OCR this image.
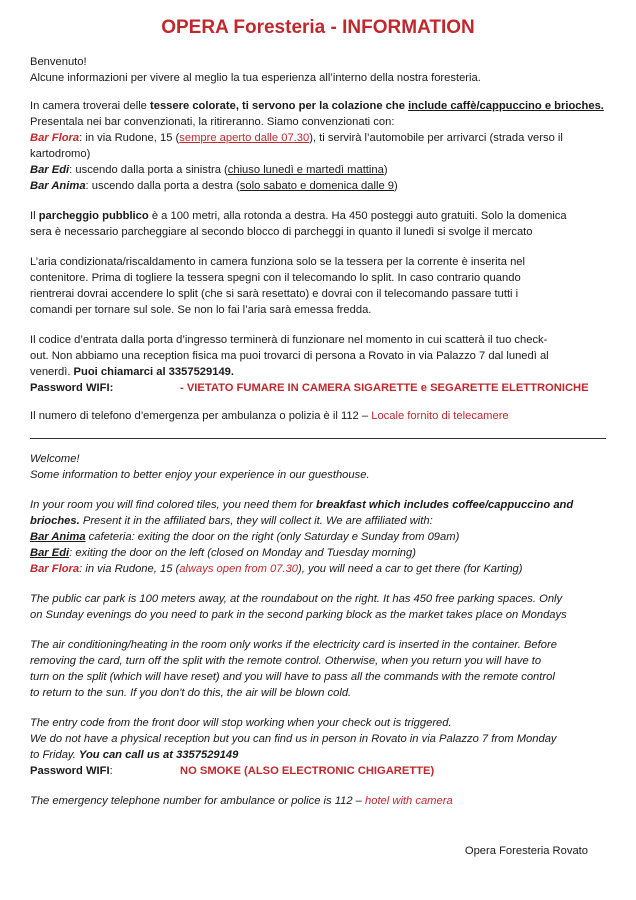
OPERA Foresteria - INFORMATION

Benvenuto!

Alcune informazioni per vivere al meglio la tua esperienza all’interno della nostra foresteria.

In camera troverai delle tessere colorate, ti servono per la colazione che include caffè/cappuccino e brioches.

Presentala nei bar convenzionati, la ritireranno. Siamo convenzionati con:

Bar Flora: in via Rudone, 15 (sempre aperto dalle 07.30), ti servirà l’automobile per arrivarci (strada verso il

kartodromo)

Bar Edi: uscendo dalla porta a sinistra (chiuso lunedì e martedì mattina)

Bar Anima: uscendo dalla porta a destra (solo sabato e domenica dalle 9)

Il parcheggio pubblico è a 100 metri, alla rotonda a destra. Ha 450 posteggi auto gratuiti. Solo la domenica

sera è necessario parcheggiare al secondo blocco di parcheggi in quanto il lunedì si svolge il mercato

L’aria condizionata/riscaldamento in camera funziona solo se la tessera per la corrente è inserita nel

contenitore. Prima di togliere la tessera spegni con il telecomando lo split. In caso contrario quando

rientrerai dovrai accendere lo split (che si sarà resettato) e dovrai con il telecomando passare tutti i

comandi per tornare sul sole. Se non lo fai l’aria sarà emessa fredda.

Il codice d’entrata dalla porta d’ingresso terminerà di funzionare nel momento in cui scatterà il tuo check-

out. Non abbiamo una reception fisica ma puoi trovarci di persona a Rovato in via Palazzo 7 dal lunedì al

venerdì. Puoi chiamarci al 3357529149.

Password WIFI:	- VIETATO FUMARE IN CAMERA SIGARETTE e SEGARETTE ELETTRONICHE

Il numero di telefono d’emergenza per ambulanza o polizia è il 112 – Locale fornito di telecamere

Welcome!

Some information to better enjoy your experience in our guesthouse.

In your room you will find colored tiles, you need them for breakfast which includes coffee/cappuccino and

brioches. Present it in the affiliated bars, they will collect it. We are affiliated with:

Bar Anima cafeteria: exiting the door on the right (only Saturday e Sunday from 09am)

Bar Edi: exiting the door on the left (closed on Monday and Tuesday morning)

Bar Flora: in via Rudone, 15 (always open from 07.30), you will need a car to get there (for Karting)

The public car park is 100 meters away, at the roundabout on the right. It has 450 free parking spaces. Only

on Sunday evenings do you need to park in the second parking block as the market takes place on Mondays

The air conditioning/heating in the room only works if the electricity card is inserted in the container. Before

removing the card, turn off the split with the remote control. Otherwise, when you return you will have to

turn on the split (which will have reset) and you will have to pass all the commands with the remote control

to return to the sun. If you don't do this, the air will be blown cold.

The entry code from the front door will stop working when your check out is triggered.

We do not have a physical reception but you can find us in person in Rovato in via Palazzo 7 from Monday

to Friday. You can call us at 3357529149

Password WIFI:	NO SMOKE (ALSO ELECTRONIC CHIGARETTE)

The emergency telephone number for ambulance or police is 112 – hotel with camera

Opera Foresteria Rovato
